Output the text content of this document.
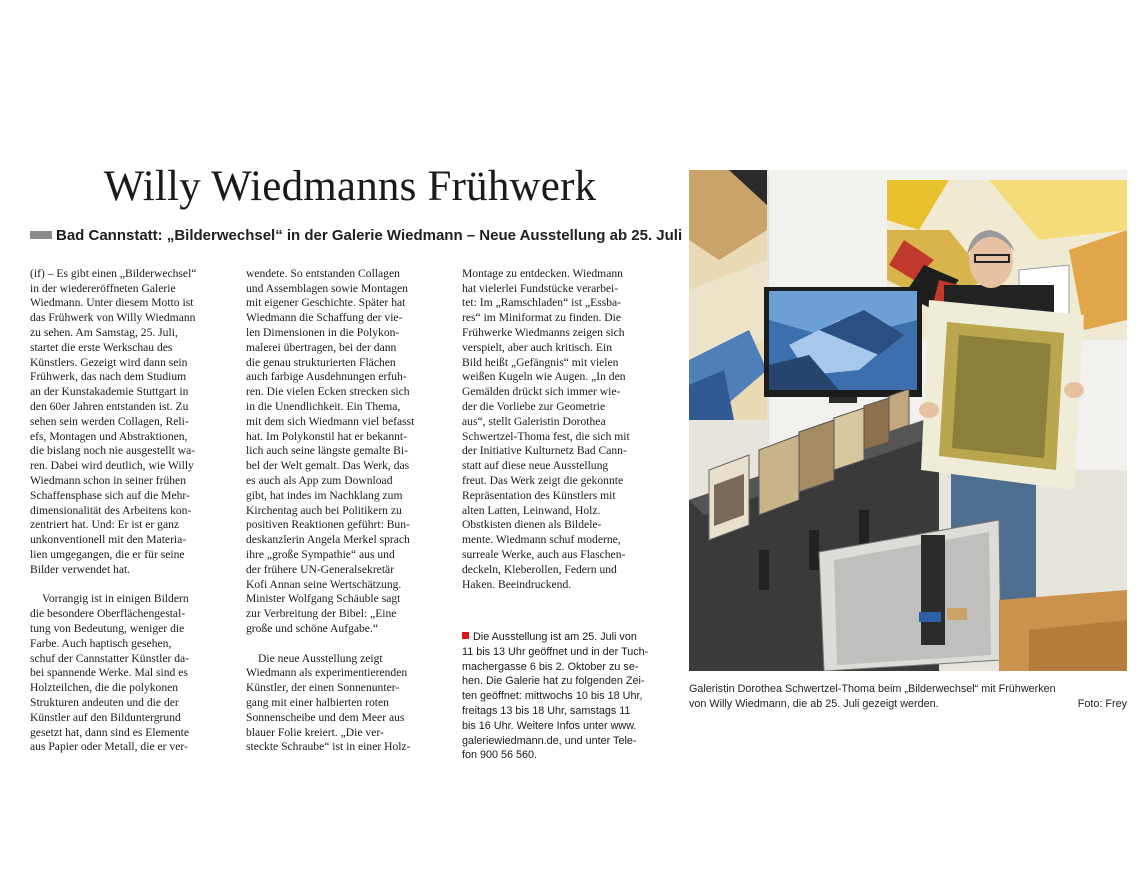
Willy Wiedmanns Frühwerk
Bad Cannstatt: „Bilderwechsel“ in der Galerie Wiedmann – Neue Ausstellung ab 25. Juli

(if) – Es gibt einen „Bilderwechsel“
in der wiedereröffneten Galerie
Wiedmann. Unter diesem Motto ist
das Frühwerk von Willy Wiedmann
zu sehen. Am Samstag, 25. Juli,
startet die erste Werkschau des
Künstlers. Gezeigt wird dann sein
Frühwerk, das nach dem Studium
an der Kunstakademie Stuttgart in
den 60er Jahren entstanden ist. Zu
sehen sein werden Collagen, Reli-
efs, Montagen und Abstraktionen,
die bislang noch nie ausgestellt wa-
ren. Dabei wird deutlich, wie Willy
Wiedmann schon in seiner frühen
Schaffensphase sich auf die Mehr-
dimensionalität des Arbeitens kon-
zentriert hat. Und: Er ist er ganz
unkonventionell mit den Materia-
lien umgegangen, die er für seine
Bilder verwendet hat.

Vorrangig ist in einigen Bildern
die besondere Oberflächengestal-
tung von Bedeutung, weniger die
Farbe. Auch haptisch gesehen,
schuf der Cannstatter Künstler da-
bei spannende Werke. Mal sind es
Holzteilchen, die die polykonen
Strukturen andeuten und die der
Künstler auf den Bilduntergrund
gesetzt hat, dann sind es Elemente
aus Papier oder Metall, die er ver-

wendete. So entstanden Collagen
und Assemblagen sowie Montagen
mit eigener Geschichte. Später hat
Wiedmann die Schaffung der vie-
len Dimensionen in die Polykon-
malerei übertragen, bei der dann
die genau strukturierten Flächen
auch farbige Ausdehnungen erfuh-
ren. Die vielen Ecken strecken sich
in die Unendlichkeit. Ein Thema,
mit dem sich Wiedmann viel befasst
hat. Im Polykonstil hat er bekannt-
lich auch seine längste gemalte Bi-
bel der Welt gemalt. Das Werk, das
es auch als App zum Download
gibt, hat indes im Nachklang zum
Kirchentag auch bei Politikern zu
positiven Reaktionen geführt: Bun-
deskanzlerin Angela Merkel sprach
ihre „große Sympathie“ aus und
der frühere UN-Generalsekretär
Kofi Annan seine Wertschätzung.
Minister Wolfgang Schäuble sagt
zur Verbreitung der Bibel: „Eine
große und schöne Aufgabe.“

Die neue Ausstellung zeigt
Wiedmann als experimentierenden
Künstler, der einen Sonnenunter-
gang mit einer halbierten roten
Sonnenscheibe und dem Meer aus
blauer Folie kreiert. „Die ver-
steckte Schraube“ ist in einer Holz-

Montage zu entdecken. Wiedmann
hat vielerlei Fundstücke verarbei-
tet: Im „Ramschladen“ ist „Essba-
res“ im Miniformat zu finden. Die
Frühwerke Wiedmanns zeigen sich
verspielt, aber auch kritisch. Ein
Bild heißt „Gefängnis“ mit vielen
weißen Kugeln wie Augen. „In den
Gemälden drückt sich immer wie-
der die Vorliebe zur Geometrie
aus“, stellt Galeristin Dorothea
Schwertzel-Thoma fest, die sich mit
der Initiative Kulturnetz Bad Cann-
statt auf diese neue Ausstellung
freut. Das Werk zeigt die gekonnte
Repräsentation des Künstlers mit
alten Latten, Leinwand, Holz.
Obstkisten dienen als Bildele-
mente. Wiedmann schuf moderne,
surreale Werke, auch aus Flaschen-
deckeln, Kleberollen, Federn und
Haken. Beeindruckend.

Die Ausstellung ist am 25. Juli von
11 bis 13 Uhr geöffnet und in der Tuch-
machergasse 6 bis 2. Oktober zu se-
hen. Die Galerie hat zu folgenden Zei-
ten geöffnet: mittwochs 10 bis 18 Uhr,
freitags 13 bis 18 Uhr, samstags 11
bis 16 Uhr. Weitere Infos unter www.
galeriewiedmann.de, und unter Tele-
fon 900 56 560.

Galeristin Dorothea Schwertzel-Thoma beim „Bilderwechsel“ mit Frühwerken
von Willy Wiedmann, die ab 25. Juli gezeigt werden.	Foto: Frey
